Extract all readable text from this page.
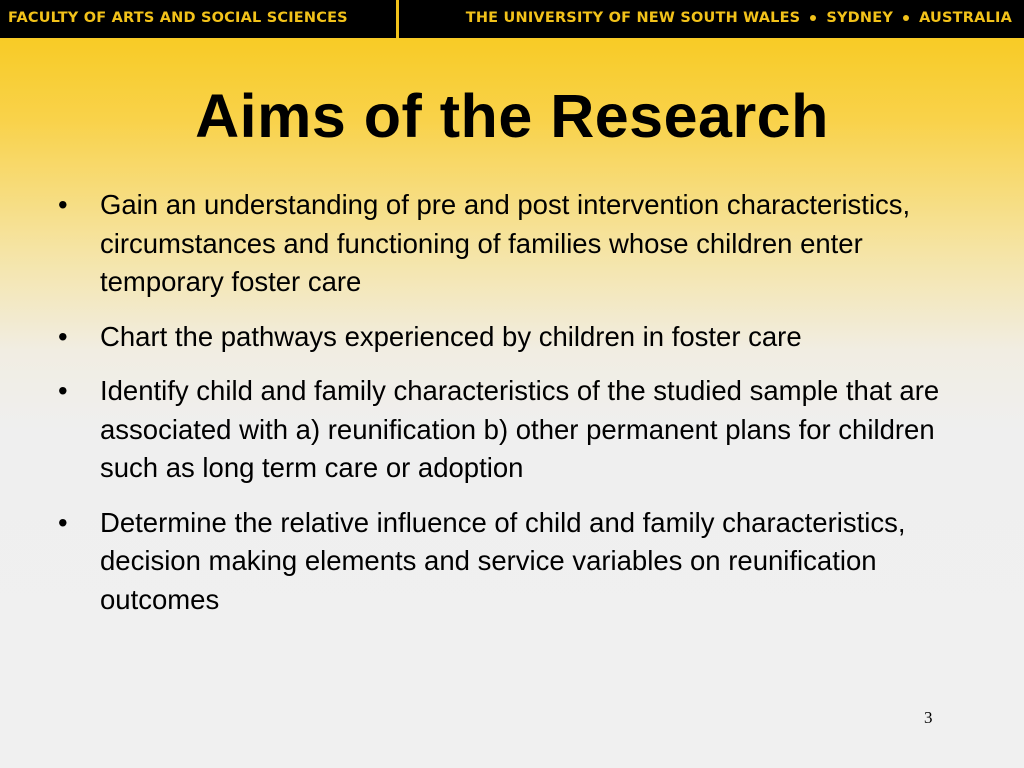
FACULTY OF ARTS AND SOCIAL SCIENCES	THE UNIVERSITY OF NEW SOUTH WALES SYDNEY AUSTRALIA
Aims of the Research
• Gain an understanding of pre and post intervention characteristics, circumstances and functioning of families whose children enter temporary foster care
• Chart the pathways experienced by children in foster care
• Identify child and family characteristics of the studied sample that are associated with a) reunification b) other permanent plans for children such as long term care or adoption
• Determine the relative influence of child and family characteristics, decision making elements and service variables on reunification outcomes
3
